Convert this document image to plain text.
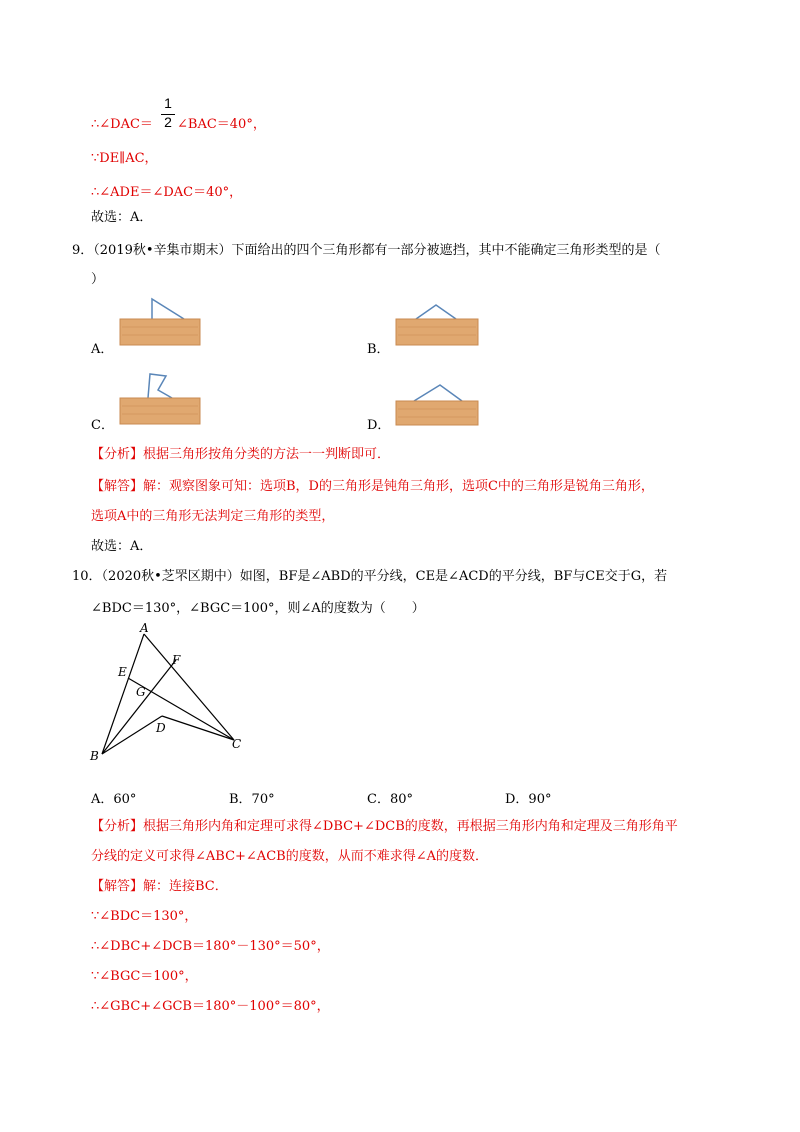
1
2
∴∠DAC＝ ∠BAC＝40°，
∵DE∥AC，
∴∠ADE＝∠DAC＝40°，
故选：A．
9．（2019秋•辛集市期末）下面给出的四个三角形都有一部分被遮挡，其中不能确定三角形类型的是（
）
A．	B．
C．	D．
【分析】根据三角形按角分类的方法一一判断即可．
【解答】解：观察图象可知：选项B，D的三角形是钝角三角形，选项C中的三角形是锐角三角形，
选项A中的三角形无法判定三角形的类型，
故选：A．
10．（2020秋•芝罘区期中）如图，BF是∠ABD的平分线，CE是∠ACD的平分线，BF与CE交于G，若
∠BDC＝130°，∠BGC＝100°，则∠A的度数为（　　）
A
E
F
G
D
B
C
A．60°	B．70°	C．80°	D．90°
【分析】根据三角形内角和定理可求得∠DBC+∠DCB的度数，再根据三角形内角和定理及三角形角平
分线的定义可求得∠ABC+∠ACB的度数，从而不难求得∠A的度数．
【解答】解：连接BC．
∵∠BDC＝130°，
∴∠DBC+∠DCB＝180°－130°＝50°，
∵∠BGC＝100°，
∴∠GBC+∠GCB＝180°－100°＝80°，
